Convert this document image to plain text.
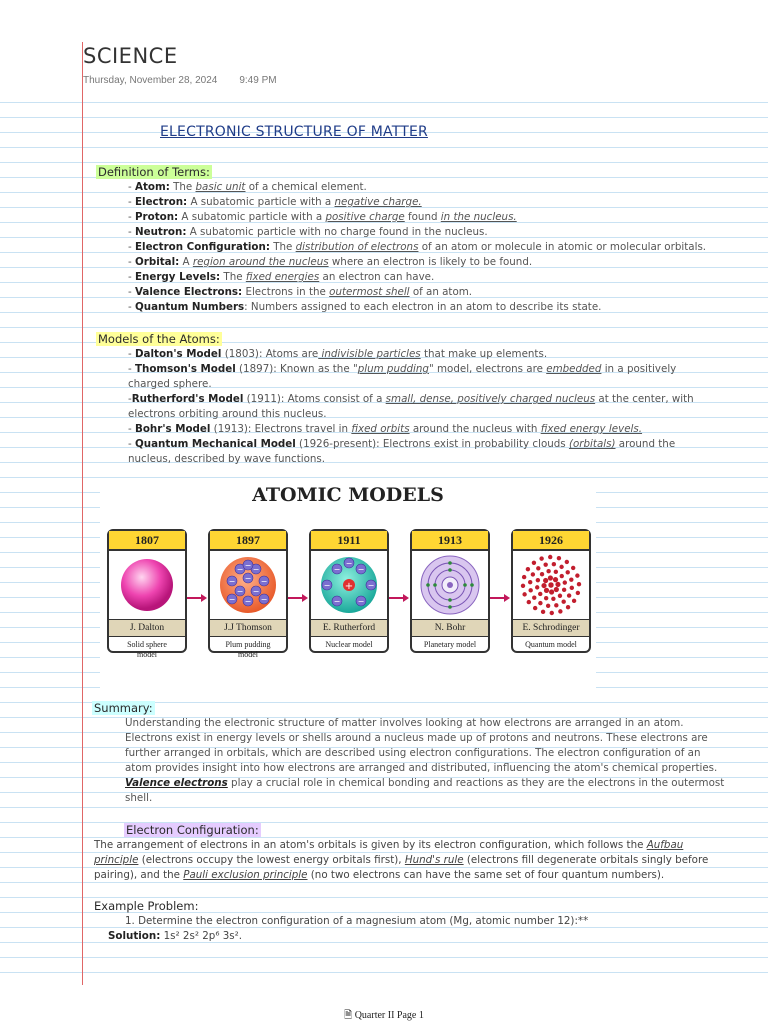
SCIENCE
Thursday, November 28, 2024 9:49 PM
ELECTRONIC STRUCTURE OF MATTER
Definition of Terms:
- Atom: The basic unit of a chemical element.
- Electron: A subatomic particle with a negative charge.
- Proton: A subatomic particle with a positive charge found in the nucleus.
- Neutron: A subatomic particle with no charge found in the nucleus.
- Electron Configuration: The distribution of electrons of an atom or molecule in atomic or molecular orbitals.
- Orbital: A region around the nucleus where an electron is likely to be found.
- Energy Levels: The fixed energies an electron can have.
- Valence Electrons: Electrons in the outermost shell of an atom.
- Quantum Numbers: Numbers assigned to each electron in an atom to describe its state.
Models of the Atoms:
- Dalton's Model (1803): Atoms are indivisible particles that make up elements.
- Thomson's Model (1897): Known as the "plum pudding" model, electrons are embedded in a positively
charged sphere.
-Rutherford's Model (1911): Atoms consist of a small, dense, positively charged nucleus at the center, with
electrons orbiting around this nucleus.
- Bohr's Model (1913): Electrons travel in fixed orbits around the nucleus with fixed energy levels.
- Quantum Mechanical Model (1926-present): Electrons exist in probability clouds (orbitals) around the
nucleus, described by wave functions.
ATOMIC MODELS
1807
J. Dalton
Solid sphere
model
1897
− −
− − −
− −
− − −
−
J.J Thomson
Plum pudding
model
1911
+
− −
−	−
− −
−
E. Rutherford
Nuclear model
1913
N. Bohr
Planetary model
1926
E. Schrodinger
Quantum model
Summary:
Understanding the electronic structure of matter involves looking at how electrons are arranged in an atom.
Electrons exist in energy levels or shells around a nucleus made up of protons and neutrons. These electrons are
further arranged in orbitals, which are described using electron configurations. The electron configuration of an
atom provides insight into how electrons are arranged and distributed, influencing the atom's chemical properties.
Valence electrons play a crucial role in chemical bonding and reactions as they are the electrons in the outermost
shell.
Electron Configuration:
The arrangement of electrons in an atom's orbitals is given by its electron configuration, which follows the Aufbau
principle (electrons occupy the lowest energy orbitals first), Hund's rule (electrons fill degenerate orbitals singly before
pairing), and the Pauli exclusion principle (no two electrons can have the same set of four quantum numbers).
Example Problem:
1. Determine the electron configuration of a magnesium atom (Mg, atomic number 12):**
Solution: 1s² 2s² 2p⁶ 3s².
🗎 Quarter II Page 1
